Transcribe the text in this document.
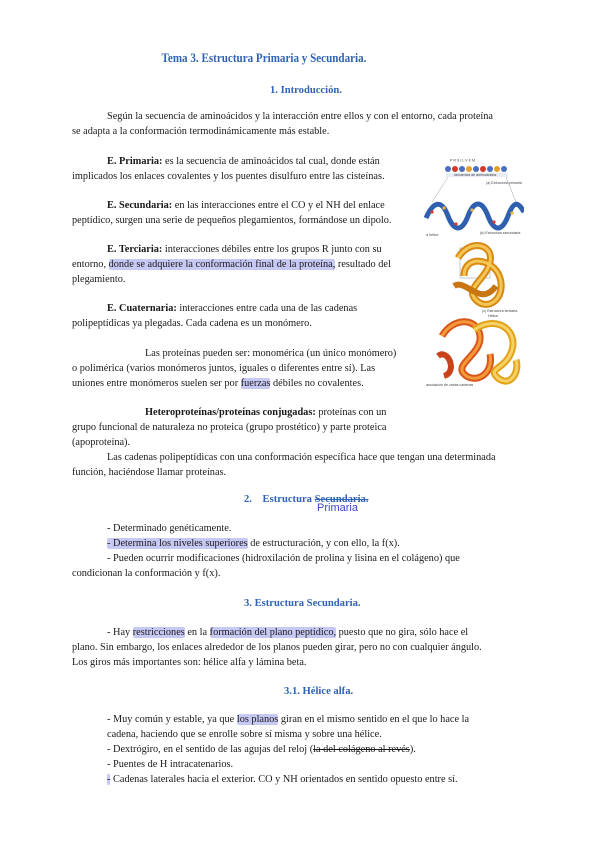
Tema 3. Estructura Primaria y Secundaria.
1. Introducción.
Según la secuencia de aminoácidos y la interacción entre ellos y con el entorno, cada proteína
se adapta a la conformación termodinámicamente más estable.
E. Primaria: es la secuencia de aminoácidos tal cual, donde están
implicados los enlaces covalentes y los puentes disulfuro entre las cisteínas.
E. Secundaria: en las interacciones entre el CO y el NH del enlace
peptídico, surgen una serie de pequeños plegamientos, formándose un dipolo.
E. Terciaria: interacciones débiles entre los grupos R junto con su
entorno, donde se adquiere la conformación final de la proteína, resultado del
plegamiento.
E. Cuaternaria: interacciones entre cada una de las cadenas
polipeptídicas ya plegadas. Cada cadena es un monómero.
Las proteínas pueden ser: monomérica (un único monómero)
o polimérica (varios monómeros juntos, iguales o diferentes entre sí). Las
uniones entre monómeros suelen ser por fuerzas débiles no covalentes.
Heteroproteínas/proteínas conjugadas: proteínas con un
grupo funcional de naturaleza no proteica (grupo prostético) y parte proteica
(apoproteína).
Las cadenas polipeptídicas con una conformación específica hace que tengan una determinada
función, haciéndose llamar proteínas.
P R S I L V K M
secuencia de aminoácidos
(a) Estructura primaria
α hélice	(b) Estructura secundaria
(c) Estructura terciaria
Hélice
asociación de varias cadenas
2. Estructura Secundaria.
Primaria
- Determinado genéticamente.
- Determina los niveles superiores de estructuración, y con ello, la f(x).
- Pueden ocurrir modificaciones (hidroxilación de prolina y lisina en el colágeno) que
condicionan la conformación y f(x).
3. Estructura Secundaria.
- Hay restricciones en la formación del plano peptídico, puesto que no gira, sólo hace el
plano. Sin embargo, los enlaces alrededor de los planos pueden girar, pero no con cualquier ángulo.
Los giros más importantes son: hélice alfa y lámina beta.
3.1. Hélice alfa.
- Muy común y estable, ya que los planos giran en el mismo sentido en el que lo hace la
cadena, haciendo que se enrolle sobre sí misma y sobre una hélice.
- Dextrógiro, en el sentido de las agujas del reloj (la del colágeno al revés).
- Puentes de H intracatenarios.
- Cadenas laterales hacia el exterior. CO y NH orientados en sentido opuesto entre sí.
